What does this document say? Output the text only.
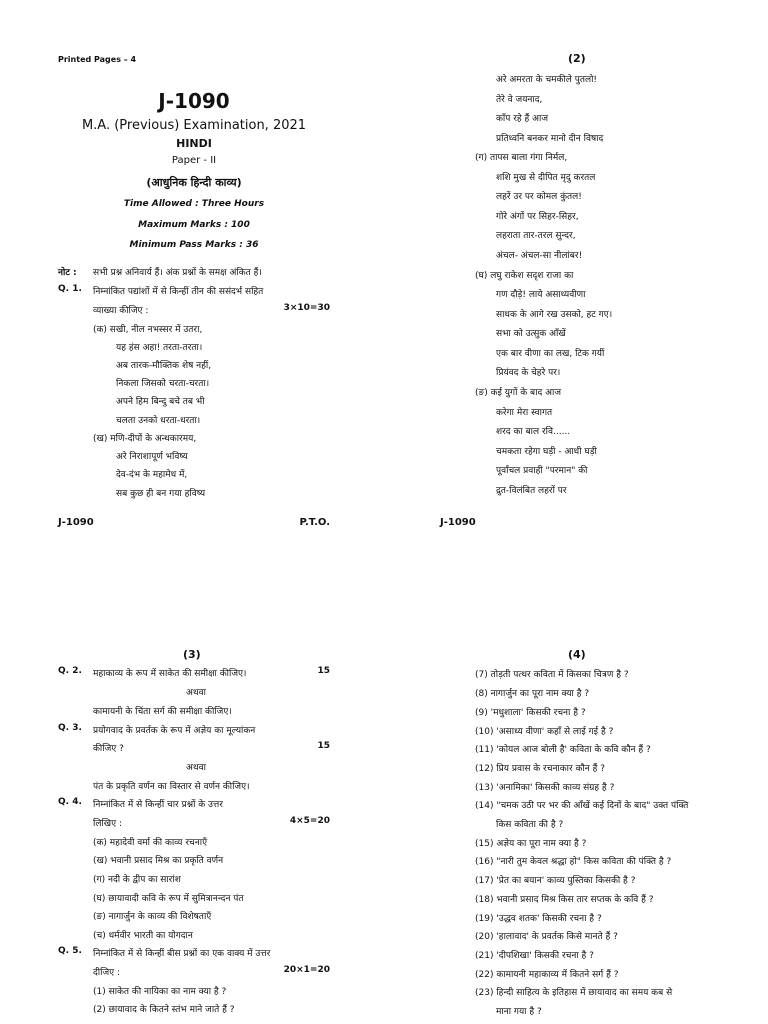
Printed Pages – 4
J-1090
M.A. (Previous) Examination, 2021
HINDI
Paper - II
(आधुनिक हिन्दी काव्य)
Time Allowed : Three Hours
Maximum Marks : 100
Minimum Pass Marks : 36
नोट : सभी प्रश्न अनिवार्य हैं। अंक प्रश्नों के समक्ष अंकित हैं।
Q. 1. निम्नांकित पद्यांशों में से किन्हीं तीन की ससंदर्भ सहित
व्याख्या कीजिए :	3×10=30
(क) सखी, नील नभस्सर में उतरा,
यह हंस अहा! तरता-तरता।
अब तारक-मौक्तिक शेष नहीं,
निकला जिसको चरता-चरता।
अपने हिम बिन्दु बचे तब भी
चलता उनको धरता-धरता।
(ख) मणि-दीपों के अन्धकारमय,
अरे निराशापूर्ण भविष्य
देव-दंभ के महामेध में,
सब कुछ ही बन गया हविष्य
J-1090	P.T.O.
(2)
अरे अमरता के चमकीले पुतलो!
तेरे वे जयनाद,
काँप रहे हैं आज
प्रतिध्वनि बनकर मानो दीन विषाद
(ग) तापस बाला गंगा निर्मल,
शशि मुख से दीपित मृदु करतल
लहरें उर पर कोमल कुंतल!
गोरे अंगों पर सिहर-सिहर,
लहराता तार-तरल सुन्दर,
अंचल- अंचल-सा नीलांबर!
(घ) लघु राकेश सदृश राजा का
गण दौड़े! लाये असाध्यवीणा
साधक के आगे रख उसको, हट गए।
सभा को उत्सुक आँखें
एक बार वीणा का लख, टिक गयीं
प्रियंवद के चेहरे पर।
(ङ) कई युगों के बाद आज
करेगा मेरा स्वागत
शरद का बाल रवि......
चमकता रहेगा घड़ी - आधी घड़ी
पूर्वांचल प्रवाही "परमान" की
द्रुत-विलंबित लहरों पर
J-1090
(3)
Q. 2. महाकाव्य के रूप में साकेत की समीक्षा कीजिए।	15
अथवा
कामायनी के चिंता सर्ग की समीक्षा कीजिए।
Q. 3. प्रयोगवाद के प्रवर्तक के रूप में अज्ञेय का मूल्यांकन
कीजिए ?	15
अथवा
पंत के प्रकृति वर्णन का विस्तार से वर्णन कीजिए।
Q. 4. निम्नांकित में से किन्हीं चार प्रश्नों के उत्तर
लिखिए :	4×5=20
(क) महादेवी वर्मा की काव्य रचनाएँ
(ख) भवानी प्रसाद मिश्र का प्रकृति वर्णन
(ग) नदी के द्वीप का सारांश
(घ) छायावादी कवि के रूप में सुमित्रानन्दन पंत
(ङ) नागार्जुन के काव्य की विशेषताएँ
(च) धर्मवीर भारती का योगदान
Q. 5. निम्नांकित में से किन्हीं बीस प्रश्नों का एक वाक्य में उत्तर
दीजिए :	20×1=20
(1) साकेत की नायिका का नाम क्या है ?
(2) छायावाद के कितने स्तंभ माने जाते हैं ?
(4)
(7) तोड़ती पत्थर कविता में किसका चित्रण है ?
(8) नागार्जुन का पूरा नाम क्या है ?
(9) 'मधुशाला' किसकी रचना है ?
(10) 'असाध्य वीणा' कहाँ से लाई गई है ?
(11) 'कोयल आज बोली है' कविता के कवि कौन हैं ?
(12) प्रिय प्रवास के रचनाकार कौन हैं ?
(13) 'अनामिका' किसकी काव्य संग्रह है ?
(14) "चमक उठी पर भर की आँखें कई दिनों के बाद" उक्त पंक्ति
किस कविता की है ?
(15) अज्ञेय का पूरा नाम क्या है ?
(16) "नारी तुम केवल श्रद्धा हो" किस कविता की पंक्ति है ?
(17) 'प्रेत का बयान' काव्य पुस्तिका किसकी है ?
(18) भवानी प्रसाद मिश्र किस तार सप्तक के कवि हैं ?
(19) 'उद्धव शतक' किसकी रचना है ?
(20) 'हालावाद' के प्रवर्तक किसे मानते हैं ?
(21) 'दीपशिखा' किसकी रचना है ?
(22) कामायनी महाकाव्य में कितने सर्ग हैं ?
(23) हिन्दी साहित्य के इतिहास में छायावाद का समय कब से
माना गया है ?
